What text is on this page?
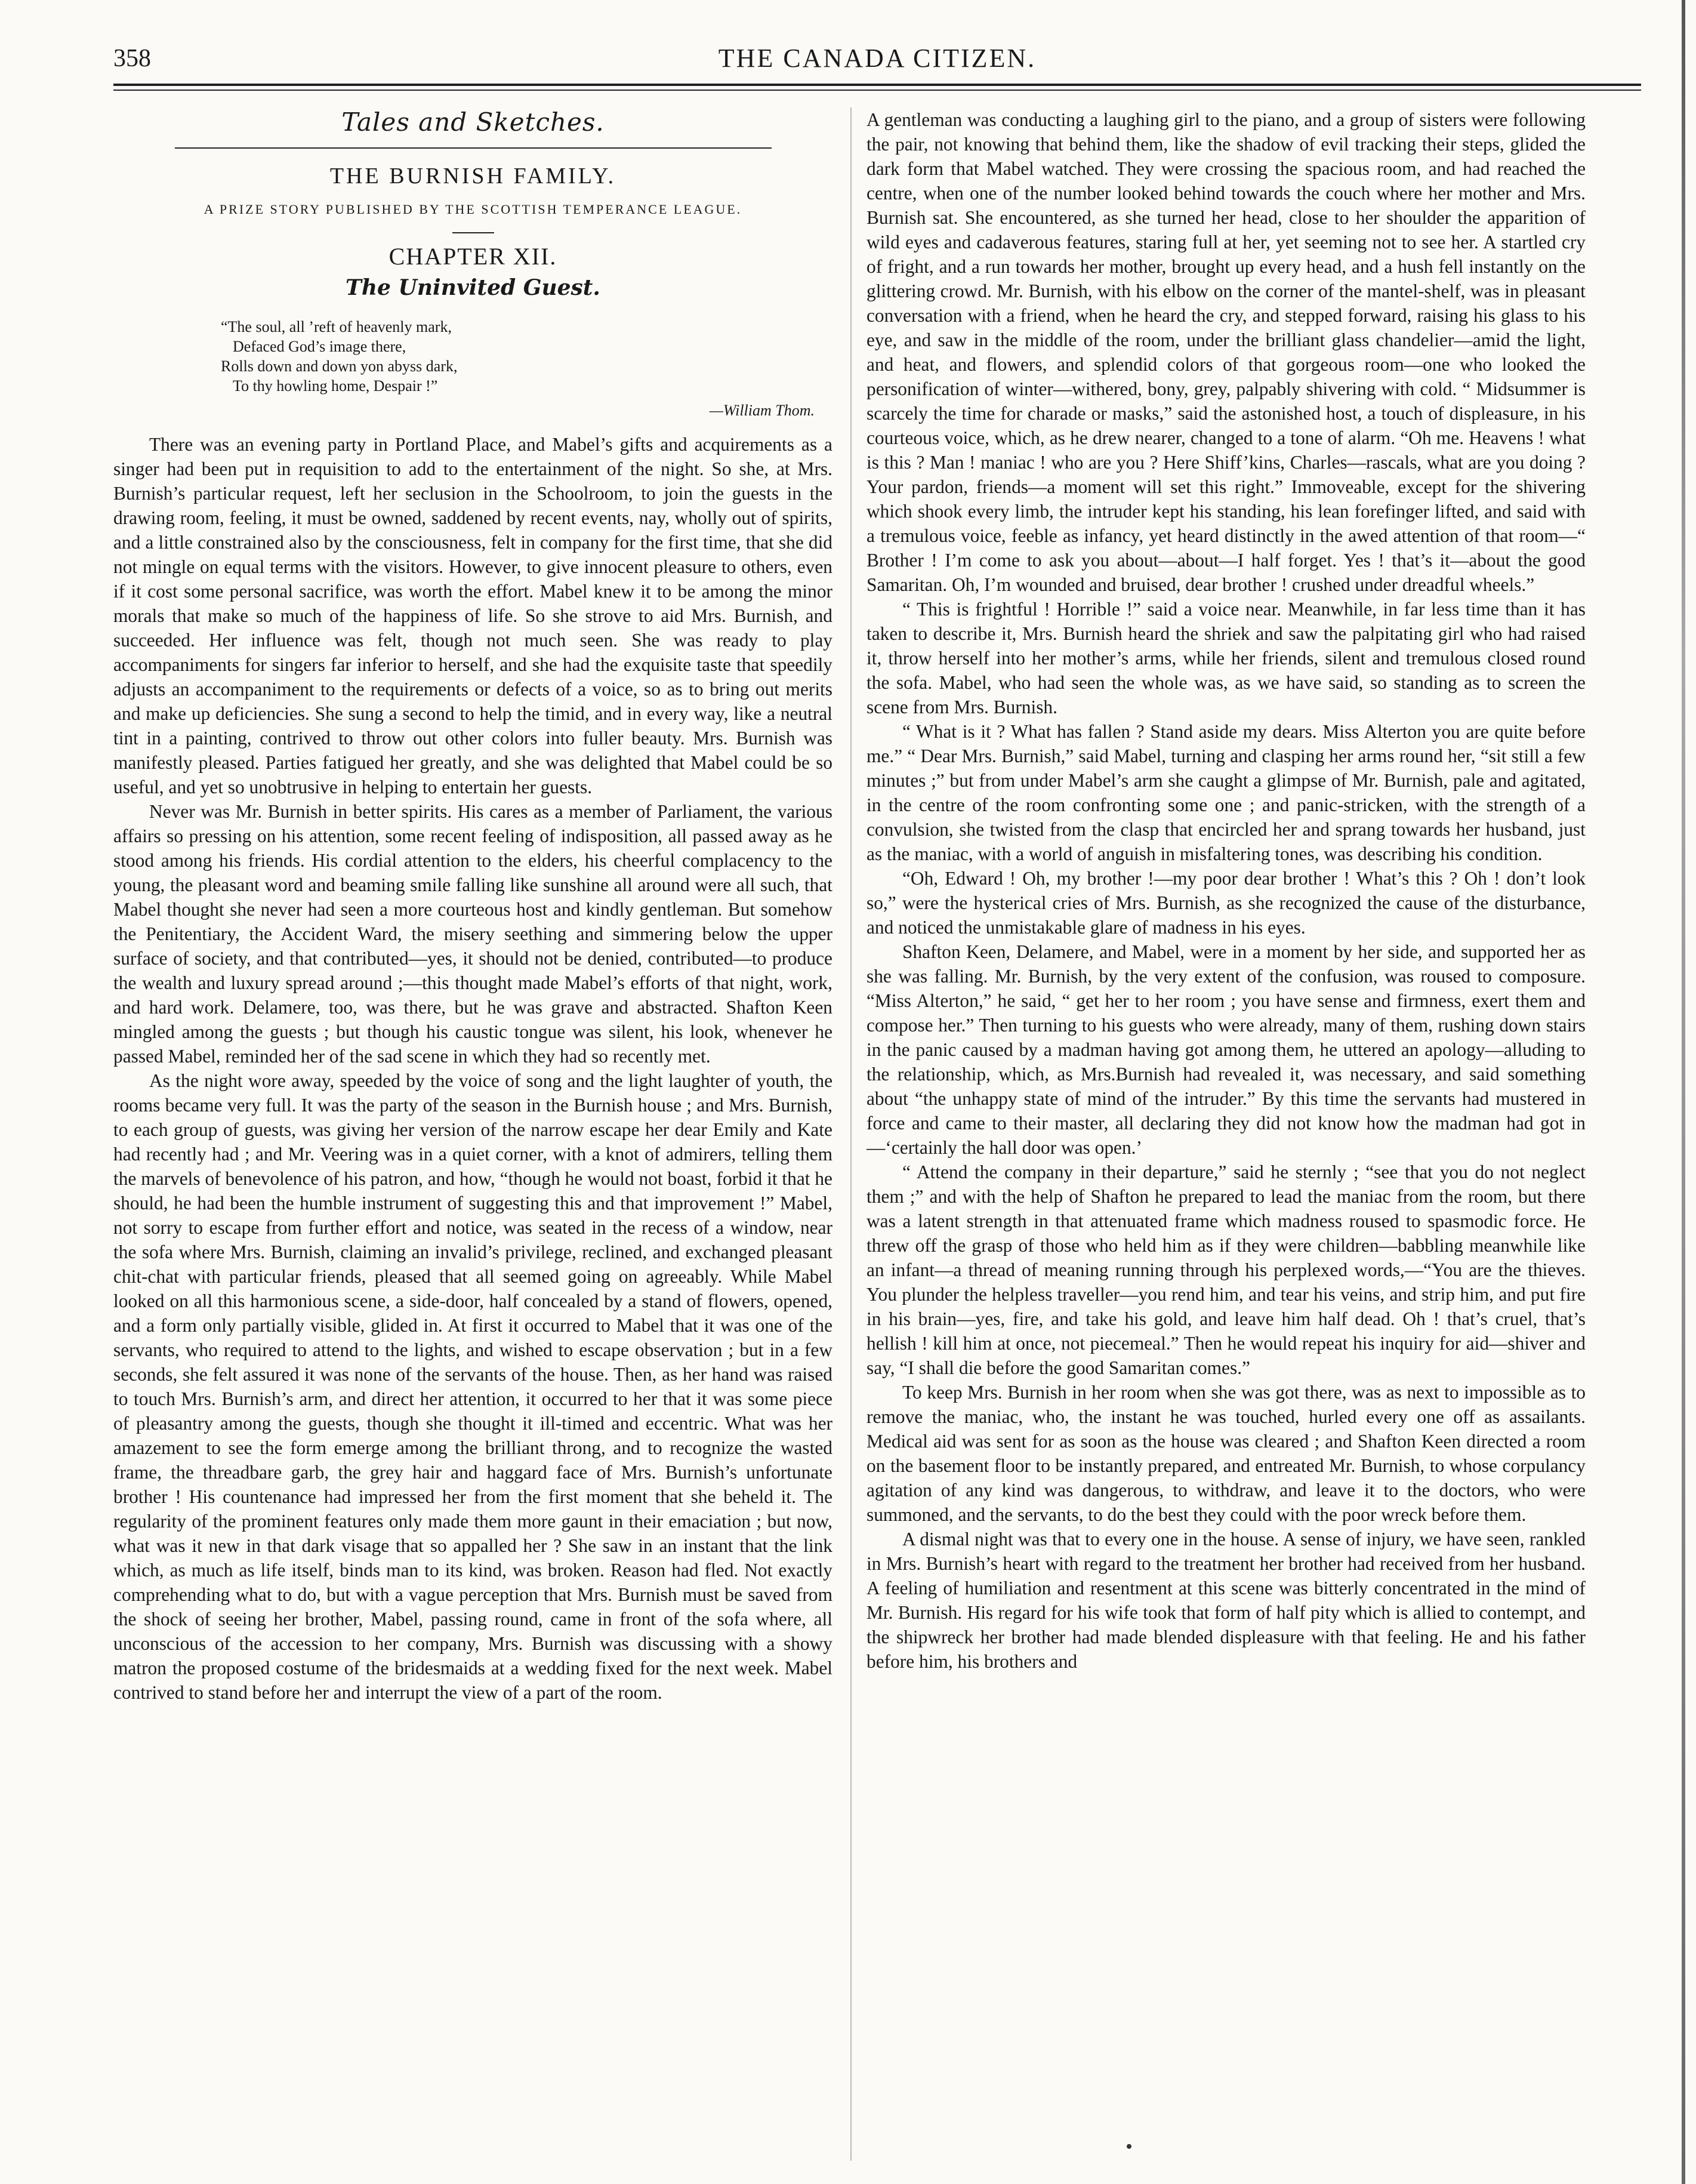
358	THE CANADA CITIZEN.
Tales and Sketches.
THE BURNISH FAMILY.
A PRIZE STORY PUBLISHED BY THE SCOTTISH TEMPERANCE LEAGUE.
CHAPTER XII.
The Uninvited Guest.
“The soul, all ’reft of heavenly mark,
Defaced God’s image there,
Rolls down and down yon abyss dark,
To thy howling home, Despair !”
—William Thom.

There was an evening party in Portland Place, and Mabel’s gifts and acquirements as a singer had been put in requisition to add to the entertainment of the night. So she, at Mrs. Burnish’s particular request, left her seclusion in the Schoolroom, to join the guests in the drawing room, feeling, it must be owned, saddened by recent events, nay, wholly out of spirits, and a little constrained also by the consciousness, felt in company for the first time, that she did not mingle on equal terms with the visitors. However, to give innocent pleasure to others, even if it cost some personal sacrifice, was worth the effort. Mabel knew it to be among the minor morals that make so much of the happiness of life. So she strove to aid Mrs. Burnish, and succeeded. Her influence was felt, though not much seen. She was ready to play accompaniments for singers far inferior to herself, and she had the exquisite taste that speedily adjusts an accompaniment to the requirements or defects of a voice, so as to bring out merits and make up deficiencies. She sung a second to help the timid, and in every way, like a neutral tint in a painting, contrived to throw out other colors into fuller beauty. Mrs. Burnish was manifestly pleased. Parties fatigued her greatly, and she was delighted that Mabel could be so useful, and yet so unobtrusive in helping to entertain her guests.

Never was Mr. Burnish in better spirits. His cares as a member of Parliament, the various affairs so pressing on his attention, some recent feeling of indisposition, all passed away as he stood among his friends. His cordial attention to the elders, his cheerful complacency to the young, the pleasant word and beaming smile falling like sunshine all around were all such, that Mabel thought she never had seen a more courteous host and kindly gentleman. But somehow the Penitentiary, the Accident Ward, the misery seething and simmering below the upper surface of society, and that contributed—yes, it should not be denied, contributed—to produce the wealth and luxury spread around ;—this thought made Mabel’s efforts of that night, work, and hard work. Delamere, too, was there, but he was grave and abstracted. Shafton Keen mingled among the guests ; but though his caustic tongue was silent, his look, whenever he passed Mabel, reminded her of the sad scene in which they had so recently met.

As the night wore away, speeded by the voice of song and the light laughter of youth, the rooms became very full. It was the party of the season in the Burnish house ; and Mrs. Burnish, to each group of guests, was giving her version of the narrow escape her dear Emily and Kate had recently had ; and Mr. Veering was in a quiet corner, with a knot of admirers, telling them the marvels of benevolence of his patron, and how, “though he would not boast, forbid it that he should, he had been the humble instrument of suggesting this and that improvement !” Mabel, not sorry to escape from further effort and notice, was seated in the recess of a window, near the sofa where Mrs. Burnish, claiming an invalid’s privilege, reclined, and exchanged pleasant chit-chat with particular friends, pleased that all seemed going on agreeably. While Mabel looked on all this harmonious scene, a side-door, half concealed by a stand of flowers, opened, and a form only partially visible, glided in. At first it occurred to Mabel that it was one of the servants, who required to attend to the lights, and wished to escape observation ; but in a few seconds, she felt assured it was none of the servants of the house. Then, as her hand was raised to touch Mrs. Burnish’s arm, and direct her attention, it occurred to her that it was some piece of pleasantry among the guests, though she thought it ill-timed and eccentric. What was her amazement to see the form emerge among the brilliant throng, and to recognize the wasted frame, the threadbare garb, the grey hair and haggard face of Mrs. Burnish’s unfortunate brother ! His countenance had impressed her from the first moment that she beheld it. The regularity of the prominent features only made them more gaunt in their emaciation ; but now, what was it new in that dark visage that so appalled her ? She saw in an instant that the link which, as much as life itself, binds man to its kind, was broken. Reason had fled. Not exactly comprehending what to do, but with a vague perception that Mrs. Burnish must be saved from the shock of seeing her brother, Mabel, passing round, came in front of the sofa where, all unconscious of the accession to her company, Mrs. Burnish was discussing with a showy matron the proposed costume of the bridesmaids at a wedding fixed for the next week. Mabel contrived to stand before her and interrupt the view of a part of the room.

A gentleman was conducting a laughing girl to the piano, and a group of sisters were following the pair, not knowing that behind them, like the shadow of evil tracking their steps, glided the dark form that Mabel watched. They were crossing the spacious room, and had reached the centre, when one of the number looked behind towards the couch where her mother and Mrs. Burnish sat. She encountered, as she turned her head, close to her shoulder the apparition of wild eyes and cadaverous features, staring full at her, yet seeming not to see her. A startled cry of fright, and a run towards her mother, brought up every head, and a hush fell instantly on the glittering crowd. Mr. Burnish, with his elbow on the corner of the mantel-shelf, was in pleasant conversation with a friend, when he heard the cry, and stepped forward, raising his glass to his eye, and saw in the middle of the room, under the brilliant glass chandelier—amid the light, and heat, and flowers, and splendid colors of that gorgeous room—one who looked the personification of winter—withered, bony, grey, palpably shivering with cold. “ Midsummer is scarcely the time for charade or masks,” said the astonished host, a touch of displeasure, in his courteous voice, which, as he drew nearer, changed to a tone of alarm. “Oh me. Heavens ! what is this ? Man ! maniac ! who are you ? Here Shiff’kins, Charles—rascals, what are you doing ? Your pardon, friends—a moment will set this right.” Immoveable, except for the shivering which shook every limb, the intruder kept his standing, his lean forefinger lifted, and said with a tremulous voice, feeble as infancy, yet heard distinctly in the awed attention of that room—“ Brother ! I’m come to ask you about—about—I half forget. Yes ! that’s it—about the good Samaritan. Oh, I’m wounded and bruised, dear brother ! crushed under dreadful wheels.”

“ This is frightful ! Horrible !” said a voice near. Meanwhile, in far less time than it has taken to describe it, Mrs. Burnish heard the shriek and saw the palpitating girl who had raised it, throw herself into her mother’s arms, while her friends, silent and tremulous closed round the sofa. Mabel, who had seen the whole was, as we have said, so standing as to screen the scene from Mrs. Burnish.

“ What is it ? What has fallen ? Stand aside my dears. Miss Alterton you are quite before me.” “ Dear Mrs. Burnish,” said Mabel, turning and clasping her arms round her, “sit still a few minutes ;” but from under Mabel’s arm she caught a glimpse of Mr. Burnish, pale and agitated, in the centre of the room confronting some one ; and panic-stricken, with the strength of a convulsion, she twisted from the clasp that encircled her and sprang towards her husband, just as the maniac, with a world of anguish in misfaltering tones, was describing his condition.

“Oh, Edward ! Oh, my brother !—my poor dear brother ! What’s this ? Oh ! don’t look so,” were the hysterical cries of Mrs. Burnish, as she recognized the cause of the disturbance, and noticed the unmistakable glare of madness in his eyes.

Shafton Keen, Delamere, and Mabel, were in a moment by her side, and supported her as she was falling. Mr. Burnish, by the very extent of the confusion, was roused to composure. “Miss Alterton,” he said, “ get her to her room ; you have sense and firmness, exert them and compose her.” Then turning to his guests who were already, many of them, rushing down stairs in the panic caused by a madman having got among them, he uttered an apology—alluding to the relationship, which, as Mrs.Burnish had revealed it, was necessary, and said something about “the unhappy state of mind of the intruder.” By this time the servants had mustered in force and came to their master, all declaring they did not know how the madman had got in—‘certainly the hall door was open.’

“ Attend the company in their departure,” said he sternly ; “see that you do not neglect them ;” and with the help of Shafton he prepared to lead the maniac from the room, but there was a latent strength in that attenuated frame which madness roused to spasmodic force. He threw off the grasp of those who held him as if they were children—babbling meanwhile like an infant—a thread of meaning running through his perplexed words,—“You are the thieves. You plunder the helpless traveller—you rend him, and tear his veins, and strip him, and put fire in his brain—yes, fire, and take his gold, and leave him half dead. Oh ! that’s cruel, that’s hellish ! kill him at once, not piecemeal.” Then he would repeat his inquiry for aid—shiver and say, “I shall die before the good Samaritan comes.”

To keep Mrs. Burnish in her room when she was got there, was as next to impossible as to remove the maniac, who, the instant he was touched, hurled every one off as assailants. Medical aid was sent for as soon as the house was cleared ; and Shafton Keen directed a room on the basement floor to be instantly prepared, and entreated Mr. Burnish, to whose corpulancy agitation of any kind was dangerous, to withdraw, and leave it to the doctors, who were summoned, and the servants, to do the best they could with the poor wreck before them.

A dismal night was that to every one in the house. A sense of injury, we have seen, rankled in Mrs. Burnish’s heart with regard to the treatment her brother had received from her husband. A feeling of humiliation and resentment at this scene was bitterly concentrated in the mind of Mr. Burnish. His regard for his wife took that form of half pity which is allied to contempt, and the shipwreck her brother had made blended displeasure with that feeling. He and his father before him, his brothers and
